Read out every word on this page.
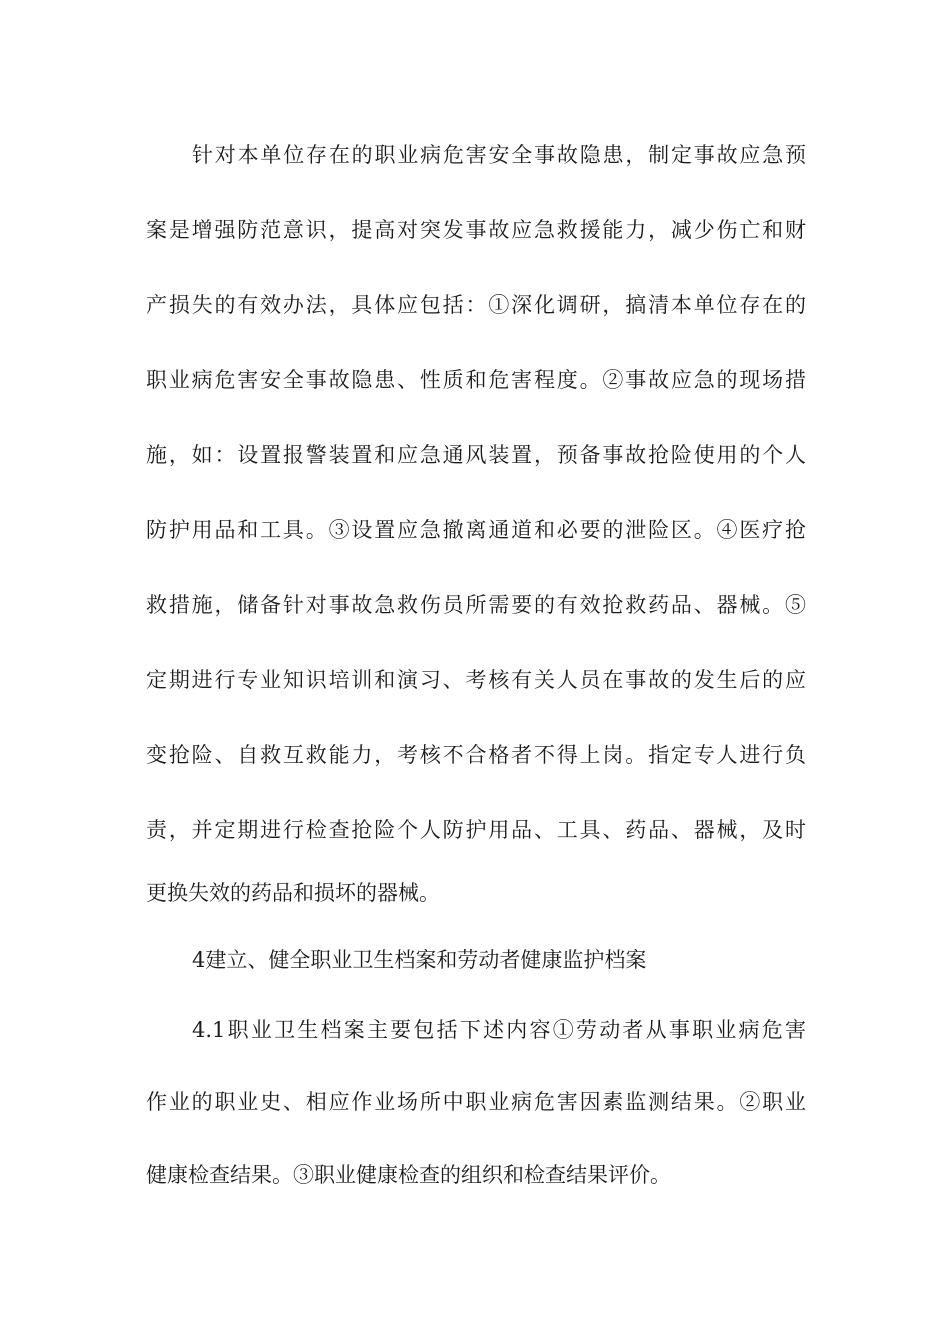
针对本单位存在的职业病危害安全事故隐患，制定事故应急预

案是增强防范意识，提高对突发事故应急救援能力，减少伤亡和财

产损失的有效办法，具体应包括：①深化调研，搞清本单位存在的

职业病危害安全事故隐患、性质和危害程度。②事故应急的现场措

施，如：设置报警装置和应急通风装置，预备事故抢险使用的个人

防护用品和工具。③设置应急撤离通道和必要的泄险区。④医疗抢

救措施，储备针对事故急救伤员所需要的有效抢救药品、器械。⑤

定期进行专业知识培训和演习、考核有关人员在事故的发生后的应

变抢险、自救互救能力，考核不合格者不得上岗。指定专人进行负

责，并定期进行检查抢险个人防护用品、工具、药品、器械，及时

更换失效的药品和损坏的器械。

4建立、健全职业卫生档案和劳动者健康监护档案

4.1职业卫生档案主要包括下述内容①劳动者从事职业病危害

作业的职业史、相应作业场所中职业病危害因素监测结果。②职业

健康检查结果。③职业健康检查的组织和检查结果评价。
